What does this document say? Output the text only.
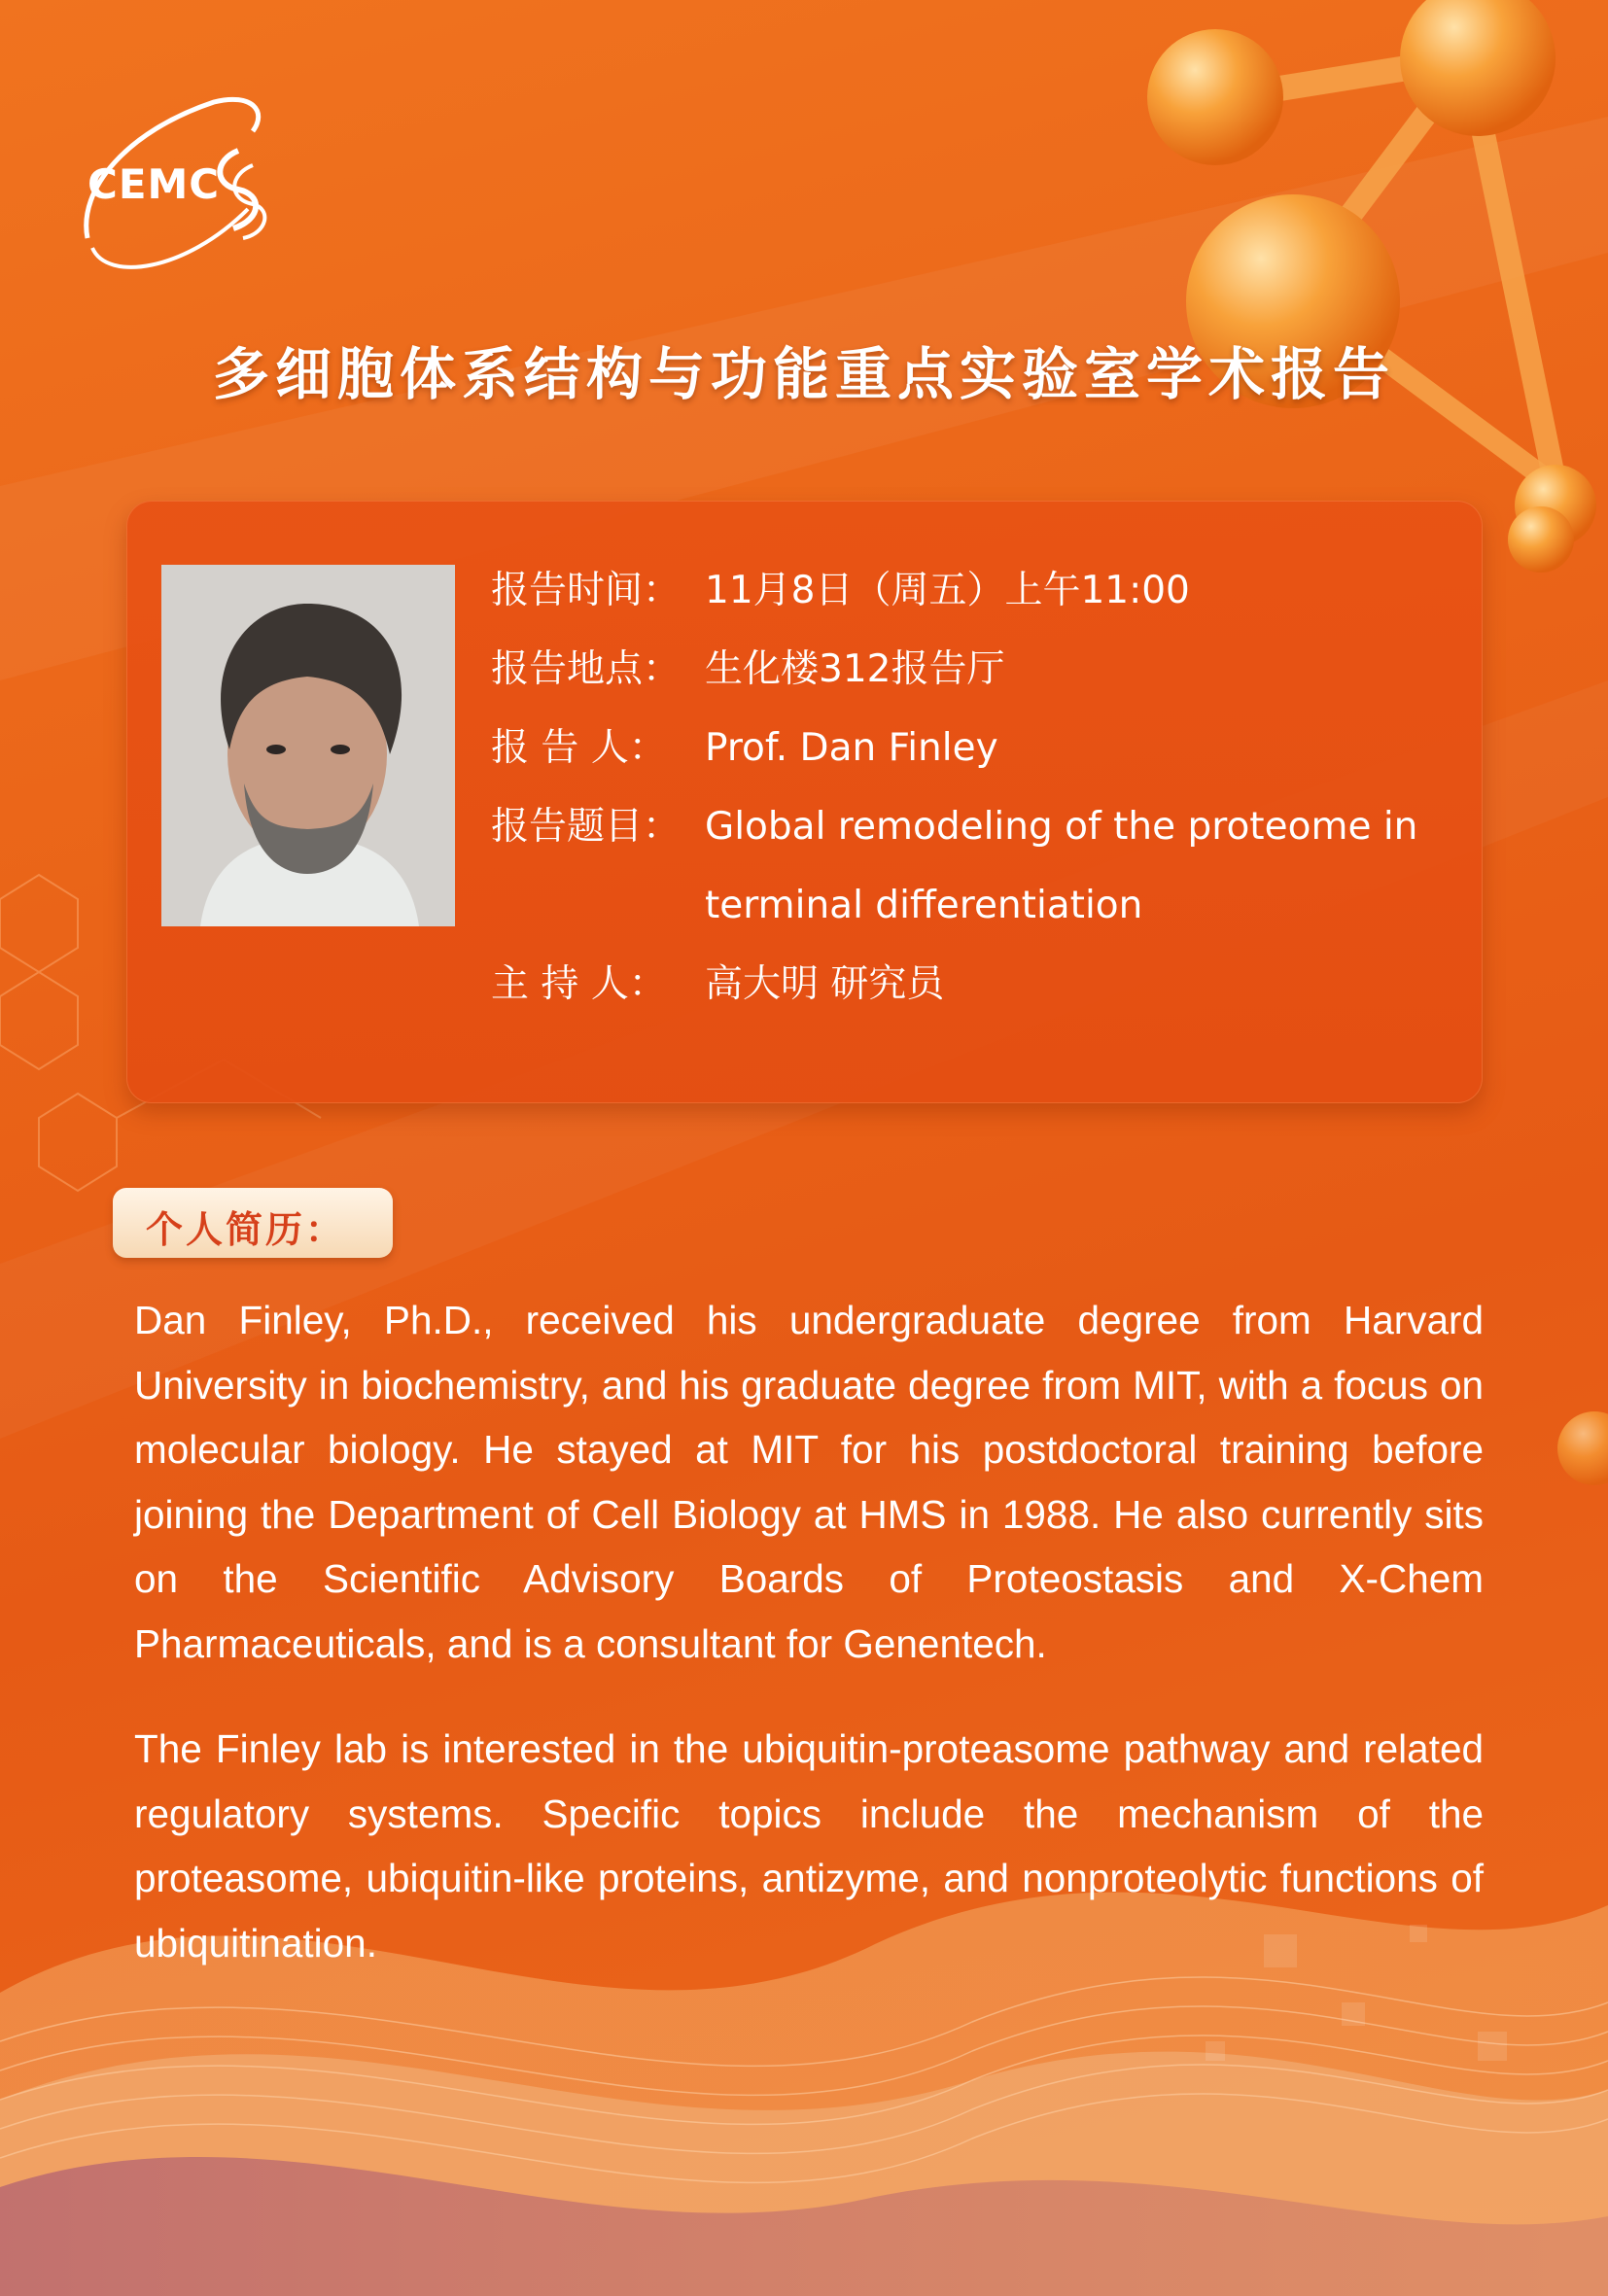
CEMC
多细胞体系结构与功能重点实验室学术报告
报告时间： 11月8日（周五）上午11:00
报告地点： 生化楼312报告厅
报 告 人：	Prof. Dan Finley
报告题目： Global remodeling of the proteome in terminal differentiation
主 持 人：	高大明 研究员
个人简历：

Dan Finley, Ph.D., received his undergraduate degree from Harvard University in biochemistry, and his graduate degree from MIT, with a focus on molecular biology. He stayed at MIT for his postdoctoral training before joining the Department of Cell Biology at HMS in 1988. He also currently sits on the Scientific Advisory Boards of Proteostasis and X-Chem Pharmaceuticals, and is a consultant for Genentech.

The Finley lab is interested in the ubiquitin-proteasome pathway and related regulatory systems. Specific topics include the mechanism of the proteasome, ubiquitin-like proteins, antizyme, and nonproteolytic functions of ubiquitination.
